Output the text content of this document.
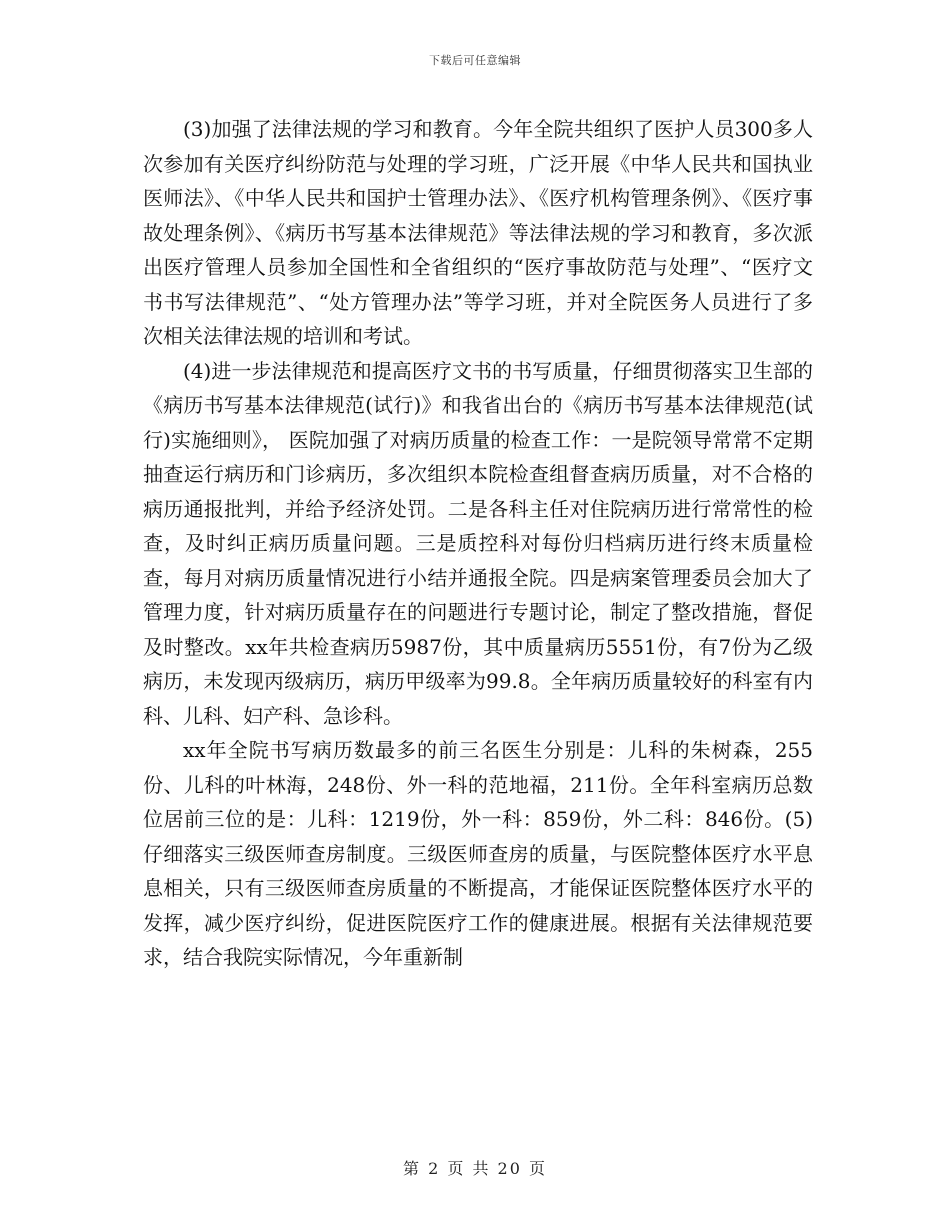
下载后可任意编辑

(3)加强了法律法规的学习和教育。今年全院共组织了医护人员300多人次参加有关医疗纠纷防范与处理的学习班，广泛开展《中华人民共和国执业医师法》、《中华人民共和国护士管理办法》、《医疗机构管理条例》、《医疗事故处理条例》、《病历书写基本法律规范》等法律法规的学习和教育，多次派出医疗管理人员参加全国性和全省组织的“医疗事故防范与处理”、“医疗文书书写法律规范”、“处方管理办法”等学习班，并对全院医务人员进行了多次相关法律法规的培训和考试。

(4)进一步法律规范和提高医疗文书的书写质量，仔细贯彻落实卫生部的《病历书写基本法律规范(试行)》和我省出台的《病历书写基本法律规范(试行)实施细则》， 医院加强了对病历质量的检查工作：一是院领导常常不定期抽查运行病历和门诊病历，多次组织本院检查组督查病历质量，对不合格的病历通报批判，并给予经济处罚。二是各科主任对住院病历进行常常性的检查，及时纠正病历质量问题。三是质控科对每份归档病历进行终末质量检查，每月对病历质量情况进行小结并通报全院。四是病案管理委员会加大了管理力度，针对病历质量存在的问题进行专题讨论，制定了整改措施，督促及时整改。xx年共检查病历5987份，其中质量病历5551份，有7份为乙级病历，未发现丙级病历，病历甲级率为99.8。全年病历质量较好的科室有内科、儿科、妇产科、急诊科。

xx年全院书写病历数最多的前三名医生分别是：儿科的朱树森，255份、儿科的叶林海，248份、外一科的范地福，211份。全年科室病历总数位居前三位的是：儿科：1219份，外一科：859份，外二科：846份。(5)仔细落实三级医师查房制度。三级医师查房的质量，与医院整体医疗水平息息相关，只有三级医师查房质量的不断提高，才能保证医院整体医疗水平的发挥，减少医疗纠纷，促进医院医疗工作的健康进展。根据有关法律规范要求，结合我院实际情况，今年重新制

第 2 页 共 20 页
